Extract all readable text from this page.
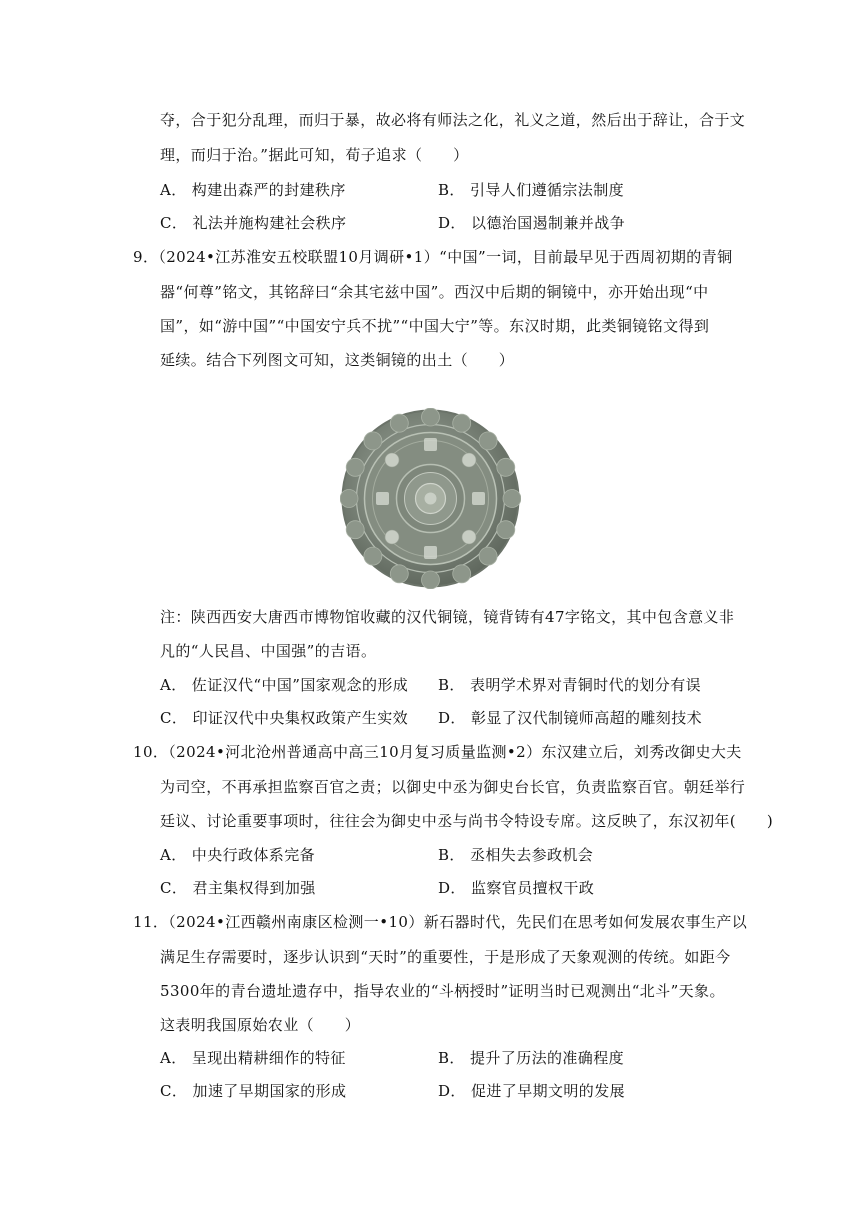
夺，合于犯分乱理，而归于暴，故必将有师法之化，礼义之道，然后出于辞让，合于文
理，而归于治。”据此可知，荀子追求（　　）
A． 构建出森严的封建秩序	B． 引导人们遵循宗法制度
C． 礼法并施构建社会秩序	D． 以德治国遏制兼并战争
9．（2024•江苏淮安五校联盟10月调研•1）“中国”一词，目前最早见于西周初期的青铜
器“何尊”铭文，其铭辞曰“余其宅兹中国”。西汉中后期的铜镜中，亦开始出现“中
国”，如“游中国”“中国安宁兵不扰”“中国大宁”等。东汉时期，此类铜镜铭文得到
延续。结合下列图文可知，这类铜镜的出土（　　）
注：陕西西安大唐西市博物馆收藏的汉代铜镜，镜背铸有47字铭文，其中包含意义非
凡的“人民昌、中国强”的吉语。
A． 佐证汉代“中国”国家观念的形成 B． 表明学术界对青铜时代的划分有误
C． 印证汉代中央集权政策产生实效 D． 彰显了汉代制镜师高超的雕刻技术
10．（2024•河北沧州普通高中高三10月复习质量监测•2）东汉建立后，刘秀改御史大夫
为司空，不再承担监察百官之责；以御史中丞为御史台长官，负责监察百官。朝廷举行
廷议、讨论重要事项时，往往会为御史中丞与尚书令特设专席。这反映了，东汉初年(　　)
A． 中央行政体系完备	B． 丞相失去参政机会
C． 君主集权得到加强	D． 监察官员擅权干政
11．（2024•江西赣州南康区检测一•10）新石器时代，先民们在思考如何发展农事生产以
满足生存需要时，逐步认识到“天时”的重要性，于是形成了天象观测的传统。如距今
5300年的青台遗址遗存中，指导农业的“斗柄授时”证明当时已观测出“北斗”天象。
这表明我国原始农业（　　）
A． 呈现出精耕细作的特征	B． 提升了历法的准确程度
C． 加速了早期国家的形成	D． 促进了早期文明的发展
